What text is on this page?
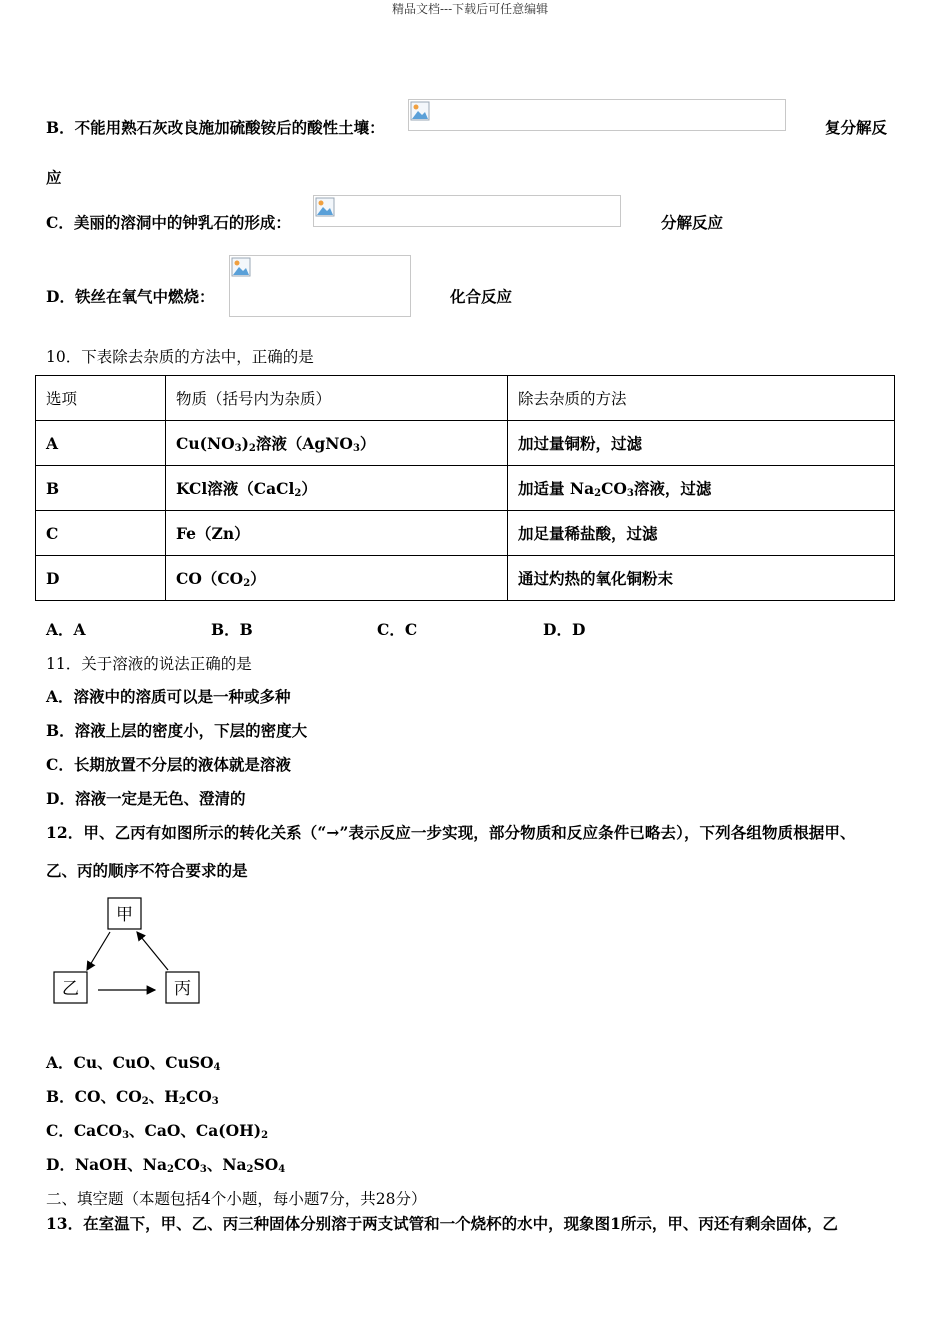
精品文档---下载后可任意编辑
B．不能用熟石灰改良施加硫酸铵后的酸性土壤：	复分解反
应
C．美丽的溶洞中的钟乳石的形成：	分解反应
D．铁丝在氧气中燃烧：	化合反应
10．下表除去杂质的方法中，正确的是
选项	物质（括号内为杂质）	除去杂质的方法
A	$Cu(NO_3)_2$溶液（AgNO$_3$）	加过量铜粉，过滤
B	KCl溶液（CaCl$_2$）	加适量 $Na_2CO_3$溶液，过滤
C	Fe（Zn）	加足量稀盐酸，过滤
D	$CO(CO_2)$	通过灼热的氧化铜粉末
A．A	B．B	C．C	D．D
11．关于溶液的说法正确的是
A．溶液中的溶质可以是一种或多种
B．溶液上层的密度小，下层的密度大
C．长期放置不分层的液体就是溶液
D．溶液一定是无色、澄清的
12．甲、乙丙有如图所示的转化关系（“→”表示反应一步实现，部分物质和反应条件已略去），下列各组物质根据甲、
乙、丙的顺序不符合要求的是
甲
乙	丙
A．Cu、CuO、CuSO$_4$
B．CO、$CO_2$、$H_2CO_3$
C．CaCO$_3$、CaO、$Ca(OH)_2$
D．NaOH、$Na_2CO_3$、$Na_2SO_4$
二、填空题（本题包括4个小题，每小题7分，共28分）
13．在室温下，甲、乙、丙三种固体分别溶于两支试管和一个烧杯的水中，现象图1所示，甲、丙还有剩余固体，乙
